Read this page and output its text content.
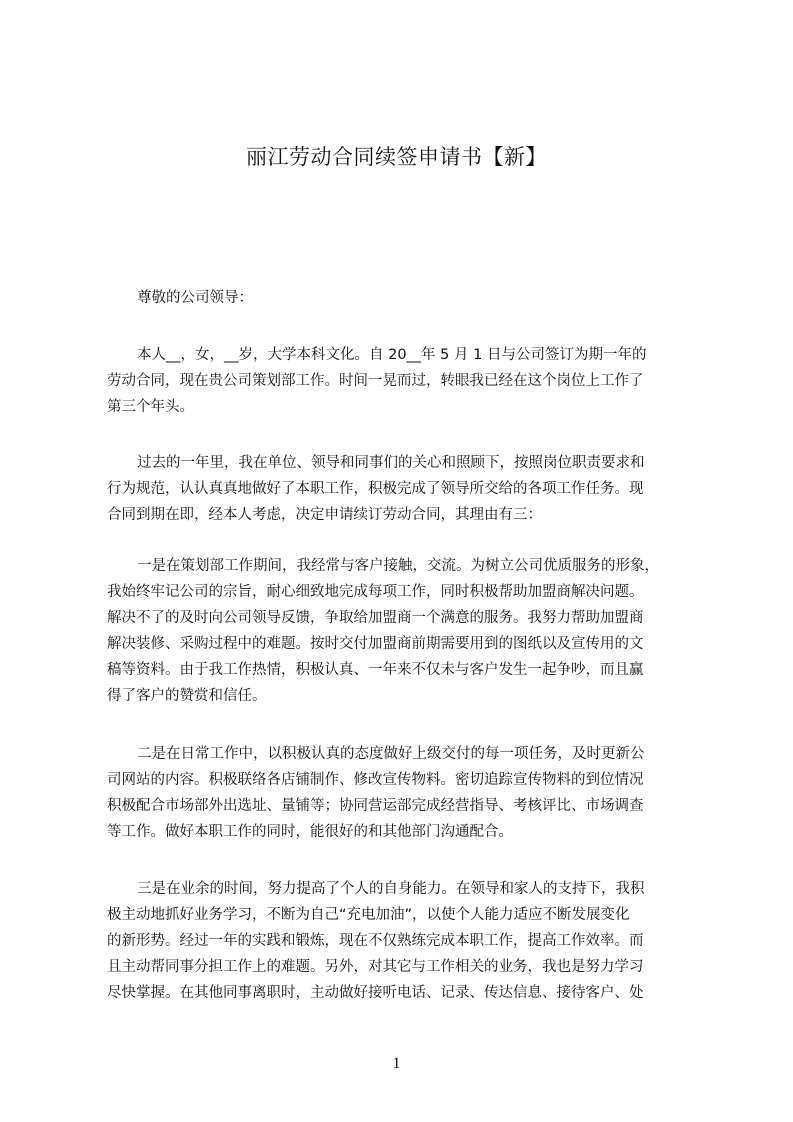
丽江劳动合同续签申请书【新】

尊敬的公司领导：

本人__，女，__岁，大学本科文化。自 20__年 5 月 1 日与公司签订为期一年的
劳动合同，现在贵公司策划部工作。时间一晃而过，转眼我已经在这个岗位上工作了
第三个年头。

过去的一年里，我在单位、领导和同事们的关心和照顾下，按照岗位职责要求和
行为规范，认认真真地做好了本职工作，积极完成了领导所交给的各项工作任务。现
合同到期在即，经本人考虑，决定申请续订劳动合同，其理由有三：

一是在策划部工作期间，我经常与客户接触，交流。为树立公司优质服务的形象，
我始终牢记公司的宗旨，耐心细致地完成每项工作，同时积极帮助加盟商解决问题。
解决不了的及时向公司领导反馈，争取给加盟商一个满意的服务。我努力帮助加盟商
解决装修、采购过程中的难题。按时交付加盟商前期需要用到的图纸以及宣传用的文
稿等资料。由于我工作热情，积极认真、一年来不仅未与客户发生一起争吵，而且赢
得了客户的赞赏和信任。

二是在日常工作中，以积极认真的态度做好上级交付的每一项任务，及时更新公
司网站的内容。积极联络各店铺制作、修改宣传物料。密切追踪宣传物料的到位情况
积极配合市场部外出选址、量铺等；协同营运部完成经营指导、考核评比、市场调查
等工作。做好本职工作的同时，能很好的和其他部门沟通配合。

三是在业余的时间，努力提高了个人的自身能力。在领导和家人的支持下，我积
极主动地抓好业务学习，不断为自己“充电加油”，以使个人能力适应不断发展变化
的新形势。经过一年的实践和锻炼，现在不仅熟练完成本职工作，提高工作效率。而
且主动帮同事分担工作上的难题。另外，对其它与工作相关的业务，我也是努力学习
尽快掌握。在其他同事离职时，主动做好接听电话、记录、传达信息、接待客户、处

1
